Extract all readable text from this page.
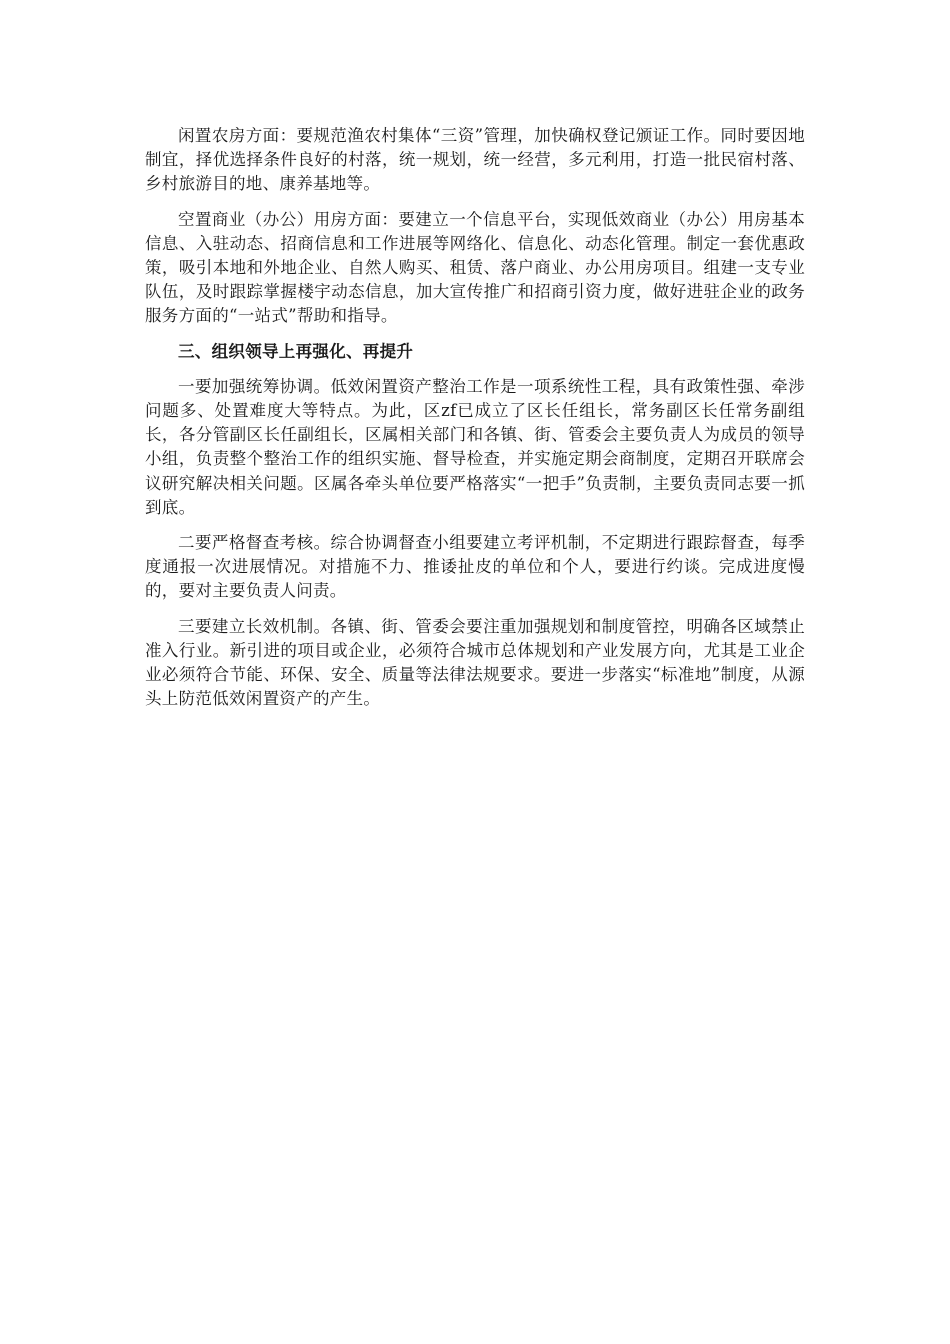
闲置农房方面：要规范渔农村集体“三资”管理，加快确权登记颁证工作。同时要因地制宜，择优选择条件良好的村落，统一规划，统一经营，多元利用，打造一批民宿村落、乡村旅游目的地、康养基地等。

空置商业（办公）用房方面：要建立一个信息平台，实现低效商业（办公）用房基本信息、入驻动态、招商信息和工作进展等网络化、信息化、动态化管理。制定一套优惠政策，吸引本地和外地企业、自然人购买、租赁、落户商业、办公用房项目。组建一支专业队伍，及时跟踪掌握楼宇动态信息，加大宣传推广和招商引资力度，做好进驻企业的政务服务方面的“一站式”帮助和指导。

三、组织领导上再强化、再提升

一要加强统筹协调。低效闲置资产整治工作是一项系统性工程，具有政策性强、牵涉问题多、处置难度大等特点。为此，区zf已成立了区长任组长，常务副区长任常务副组长，各分管副区长任副组长，区属相关部门和各镇、街、管委会主要负责人为成员的领导小组，负责整个整治工作的组织实施、督导检查，并实施定期会商制度，定期召开联席会议研究解决相关问题。区属各牵头单位要严格落实“一把手”负责制，主要负责同志要一抓到底。

二要严格督查考核。综合协调督查小组要建立考评机制，不定期进行跟踪督查，每季度通报一次进展情况。对措施不力、推诿扯皮的单位和个人，要进行约谈。完成进度慢的，要对主要负责人问责。

三要建立长效机制。各镇、街、管委会要注重加强规划和制度管控，明确各区域禁止准入行业。新引进的项目或企业，必须符合城市总体规划和产业发展方向，尤其是工业企业必须符合节能、环保、安全、质量等法律法规要求。要进一步落实“标准地”制度，从源头上防范低效闲置资产的产生。
